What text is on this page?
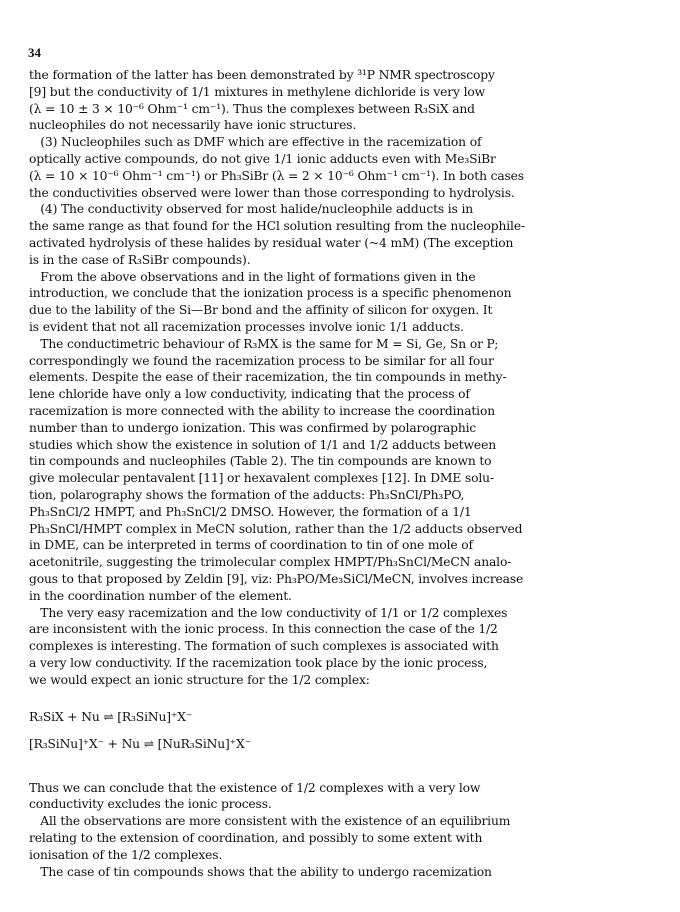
34
the formation of the latter has been demonstrated by ³¹P NMR spectroscopy
[9] but the conductivity of 1/1 mixtures in methylene dichloride is very low
(λ = 10 ± 3 × 10⁻⁶ Ohm⁻¹ cm⁻¹). Thus the complexes between R₃SiX and
nucleophiles do not necessarily have ionic structures.
(3) Nucleophiles such as DMF which are effective in the racemization of
optically active compounds, do not give 1/1 ionic adducts even with Me₃SiBr
(λ = 10 × 10⁻⁶ Ohm⁻¹ cm⁻¹) or Ph₃SiBr (λ = 2 × 10⁻⁶ Ohm⁻¹ cm⁻¹). In both cases
the conductivities observed were lower than those corresponding to hydrolysis.
(4) The conductivity observed for most halide/nucleophile adducts is in
the same range as that found for the HCl solution resulting from the nucleophile-
activated hydrolysis of these halides by residual water (~4 mM) (The exception
is in the case of R₃SiBr compounds).
From the above observations and in the light of formations given in the
introduction, we conclude that the ionization process is a specific phenomenon
due to the lability of the Si—Br bond and the affinity of silicon for oxygen. It
is evident that not all racemization processes involve ionic 1/1 adducts.
The conductimetric behaviour of R₃MX is the same for M = Si, Ge, Sn or P;
correspondingly we found the racemization process to be similar for all four
elements. Despite the ease of their racemization, the tin compounds in methy-
lene chloride have only a low conductivity, indicating that the process of
racemization is more connected with the ability to increase the coordination
number than to undergo ionization. This was confirmed by polarographic
studies which show the existence in solution of 1/1 and 1/2 adducts between
tin compounds and nucleophiles (Table 2). The tin compounds are known to
give molecular pentavalent [11] or hexavalent complexes [12]. In DME solu-
tion, polarography shows the formation of the adducts: Ph₃SnCl/Ph₃PO,
Ph₃SnCl/2 HMPT, and Ph₃SnCl/2 DMSO. However, the formation of a 1/1
Ph₃SnCl/HMPT complex in MeCN solution, rather than the 1/2 adducts observed
in DME, can be interpreted in terms of coordination to tin of one mole of
acetonitrile, suggesting the trimolecular complex HMPT/Ph₃SnCl/MeCN analo-
gous to that proposed by Zeldin [9], viz: Ph₃PO/Me₃SiCl/MeCN, involves increase
in the coordination number of the element.
The very easy racemization and the low conductivity of 1/1 or 1/2 complexes
are inconsistent with the ionic process. In this connection the case of the 1/2
complexes is interesting. The formation of such complexes is associated with
a very low conductivity. If the racemization took place by the ionic process,
we would expect an ionic structure for the 1/2 complex:
R₃SiX + Nu ⇌ [R₃SiNu]⁺X⁻
[R₃SiNu]⁺X⁻ + Nu ⇌ [NuR₃SiNu]⁺X⁻
Thus we can conclude that the existence of 1/2 complexes with a very low
conductivity excludes the ionic process.
All the observations are more consistent with the existence of an equilibrium
relating to the extension of coordination, and possibly to some extent with
ionisation of the 1/2 complexes.
The case of tin compounds shows that the ability to undergo racemization
